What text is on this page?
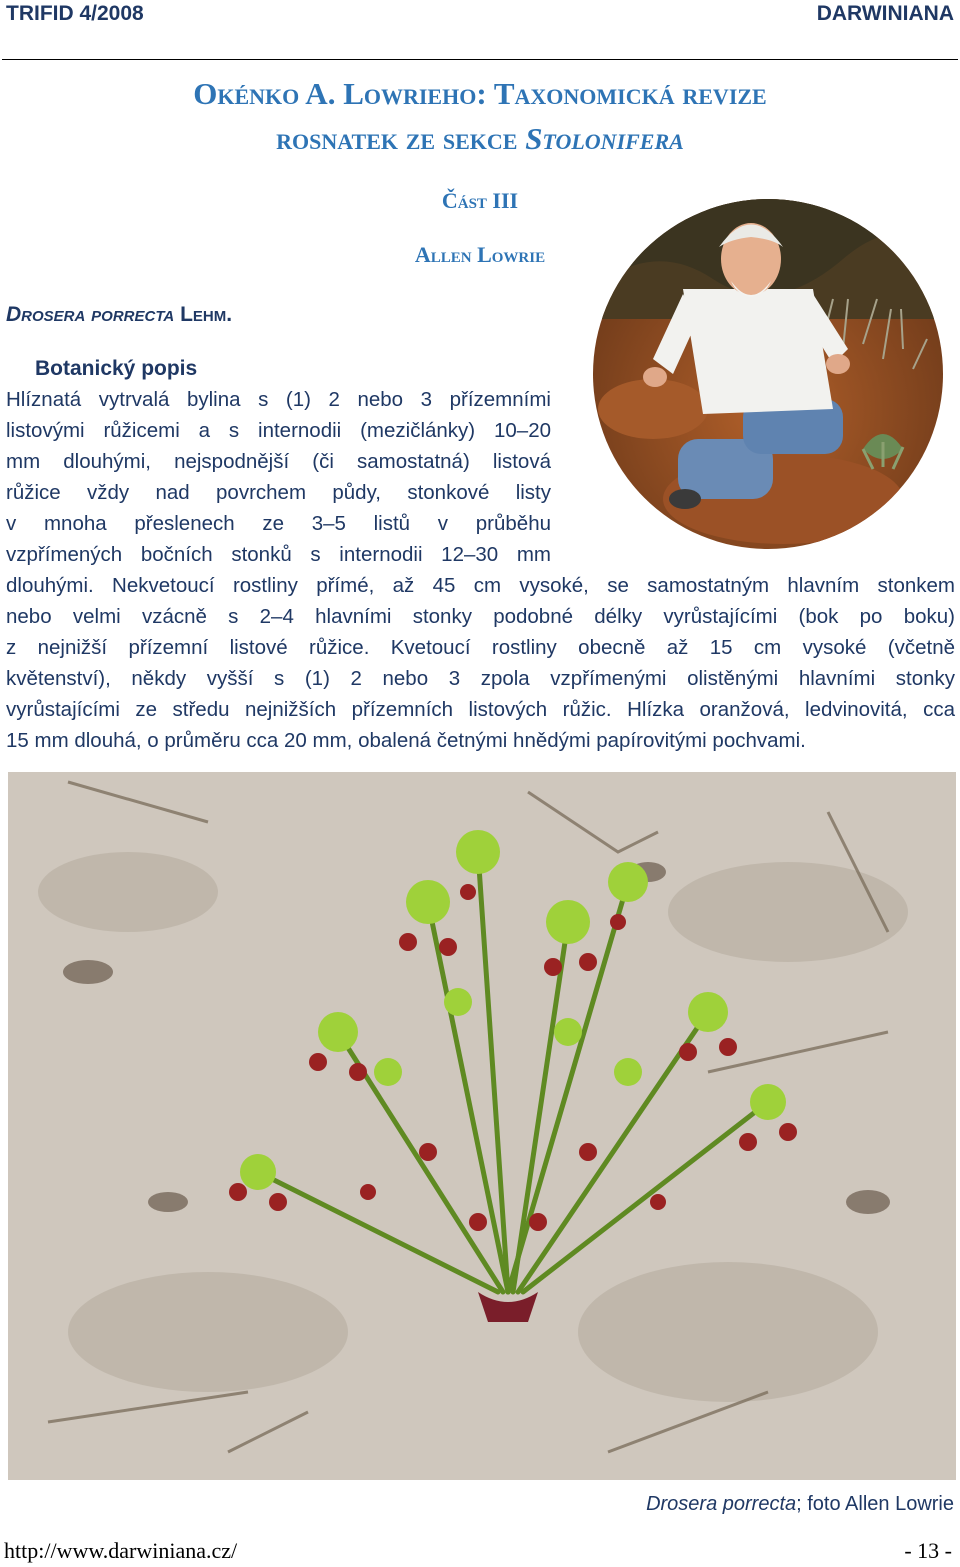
TRIFID 4/2008	DARWINIANA
Okénko A. Lowrieho: Taxonomická revize
rosnatek ze sekce Stolonifera
Část III
Allen Lowrie
Drosera porrecta Lehm.
Botanický popis
Hlíznatá vytrvalá bylina s (1) 2 nebo 3 přízemními
listovými růžicemi a s internodii (mezičlánky) 10–20
mm dlouhými, nejspodnější (či samostatná) listová
růžice vždy nad povrchem půdy, stonkové listy
v mnoha přeslenech ze 3–5 listů v průběhu
vzpřímených bočních stonků s internodii 12–30 mm
dlouhými. Nekvetoucí rostliny přímé, až 45 cm vysoké, se samostatným hlavním stonkem
nebo velmi vzácně s 2–4 hlavními stonky podobné délky vyrůstajícími (bok po boku)
z nejnižší přízemní listové růžice. Kvetoucí rostliny obecně až 15 cm vysoké (včetně
květenství), někdy vyšší s (1) 2 nebo 3 zpola vzpřímenými olistěnými hlavními stonky
vyrůstajícími ze středu nejnižších přízemních listových růžic. Hlízka oranžová, ledvinovitá, cca
15 mm dlouhá, o průměru cca 20 mm, obalená četnými hnědými papírovitými pochvami.
Drosera porrecta; foto Allen Lowrie
http://www.darwiniana.cz/	- 13 -
